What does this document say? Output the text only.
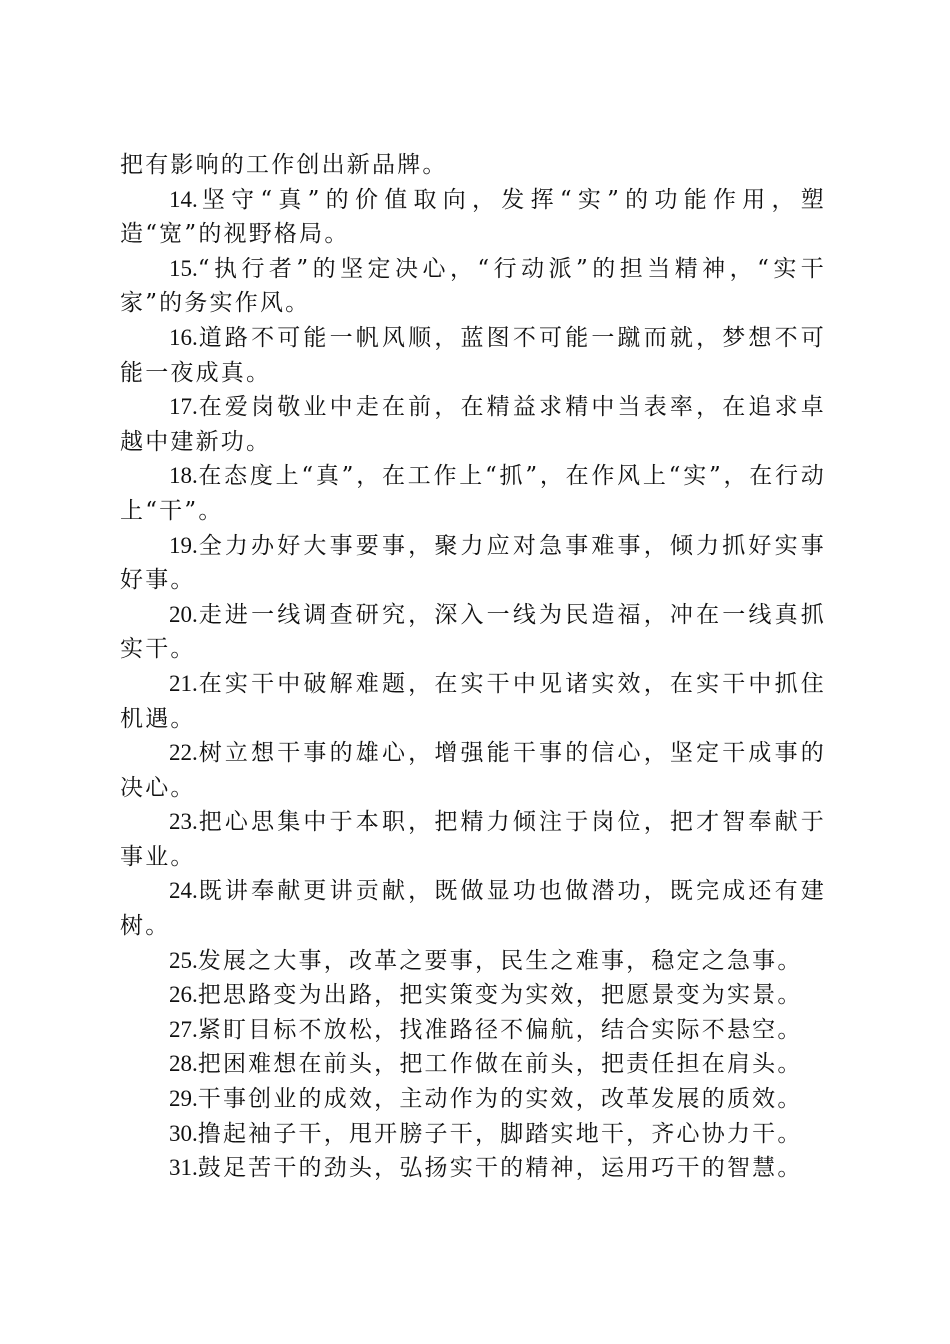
把有影响的工作创出新品牌。

14.坚守“真”的价值取向，发挥“实”的功能作用，塑造“宽”的视野格局。

15.“执行者”的坚定决心，“行动派”的担当精神，“实干家”的务实作风。

16.道路不可能一帆风顺，蓝图不可能一蹴而就，梦想不可能一夜成真。

17.在爱岗敬业中走在前，在精益求精中当表率，在追求卓越中建新功。

18.在态度上“真”，在工作上“抓”，在作风上“实”，在行动上“干”。

19.全力办好大事要事，聚力应对急事难事，倾力抓好实事好事。

20.走进一线调查研究，深入一线为民造福，冲在一线真抓实干。

21.在实干中破解难题，在实干中见诸实效，在实干中抓住机遇。

22.树立想干事的雄心，增强能干事的信心，坚定干成事的决心。

23.把心思集中于本职，把精力倾注于岗位，把才智奉献于事业。

24.既讲奉献更讲贡献，既做显功也做潜功，既完成还有建树。

25.发展之大事，改革之要事，民生之难事，稳定之急事。

26.把思路变为出路，把实策变为实效，把愿景变为实景。

27.紧盯目标不放松，找准路径不偏航，结合实际不悬空。

28.把困难想在前头，把工作做在前头，把责任担在肩头。

29.干事创业的成效，主动作为的实效，改革发展的质效。

30.撸起袖子干，甩开膀子干，脚踏实地干，齐心协力干。

31.鼓足苦干的劲头，弘扬实干的精神，运用巧干的智慧。
